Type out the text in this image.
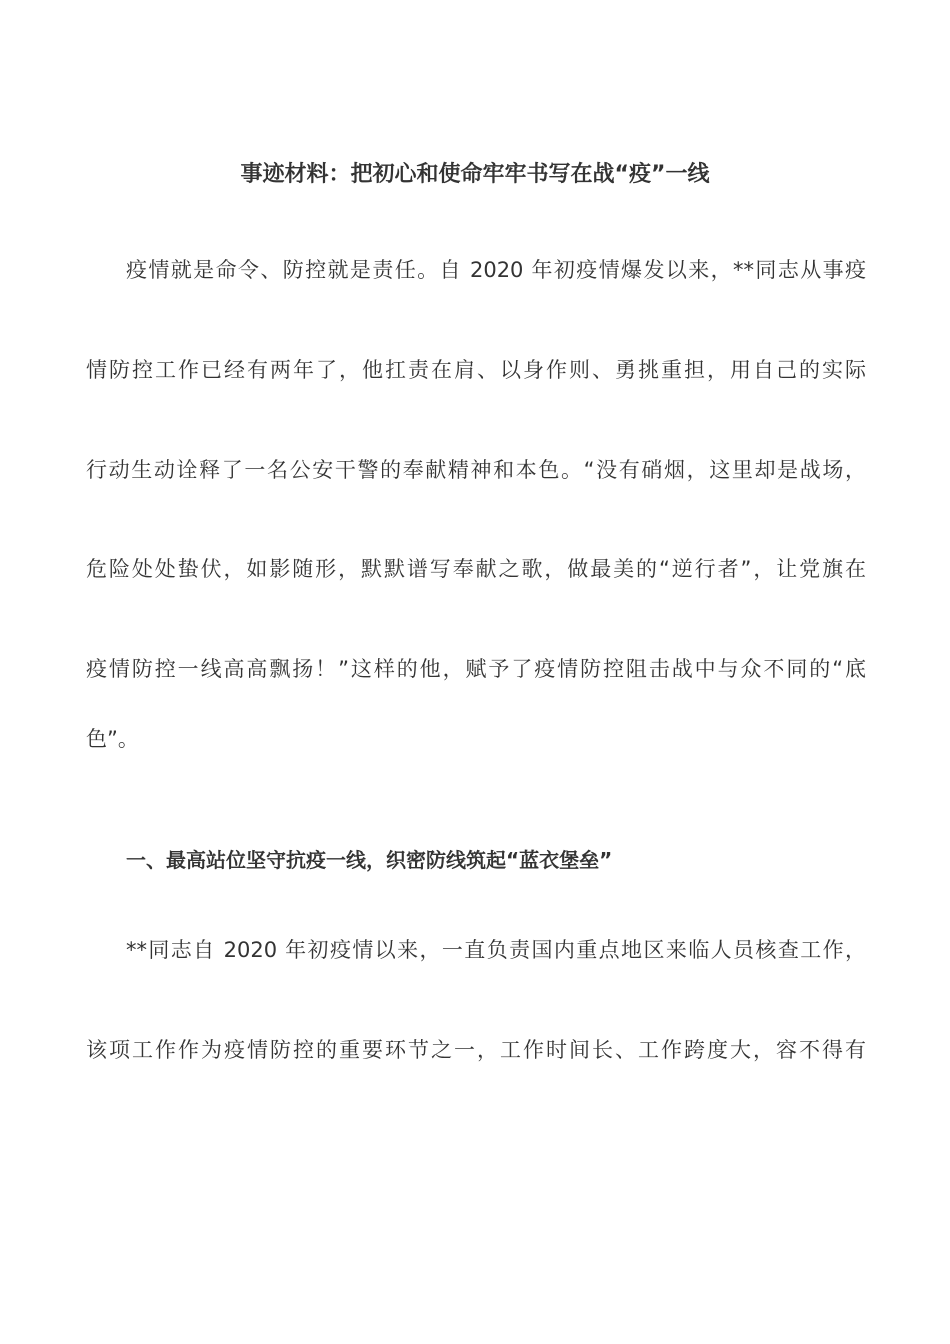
事迹材料：把初心和使命牢牢书写在战“疫”一线
疫情就是命令、防控就是责任。自 2020 年初疫情爆发以来，**同志从事疫
情防控工作已经有两年了，他扛责在肩、以身作则、勇挑重担，用自己的实际
行动生动诠释了一名公安干警的奉献精神和本色。“没有硝烟，这里却是战场，
危险处处蛰伏，如影随形，默默谱写奉献之歌，做最美的“逆行者”，让党旗在
疫情防控一线高高飘扬！”这样的他，赋予了疫情防控阻击战中与众不同的“底
色”。
一、最高站位坚守抗疫一线，织密防线筑起“蓝衣堡垒”
**同志自 2020 年初疫情以来，一直负责国内重点地区来临人员核查工作，
该项工作作为疫情防控的重要环节之一，工作时间长、工作跨度大，容不得有
